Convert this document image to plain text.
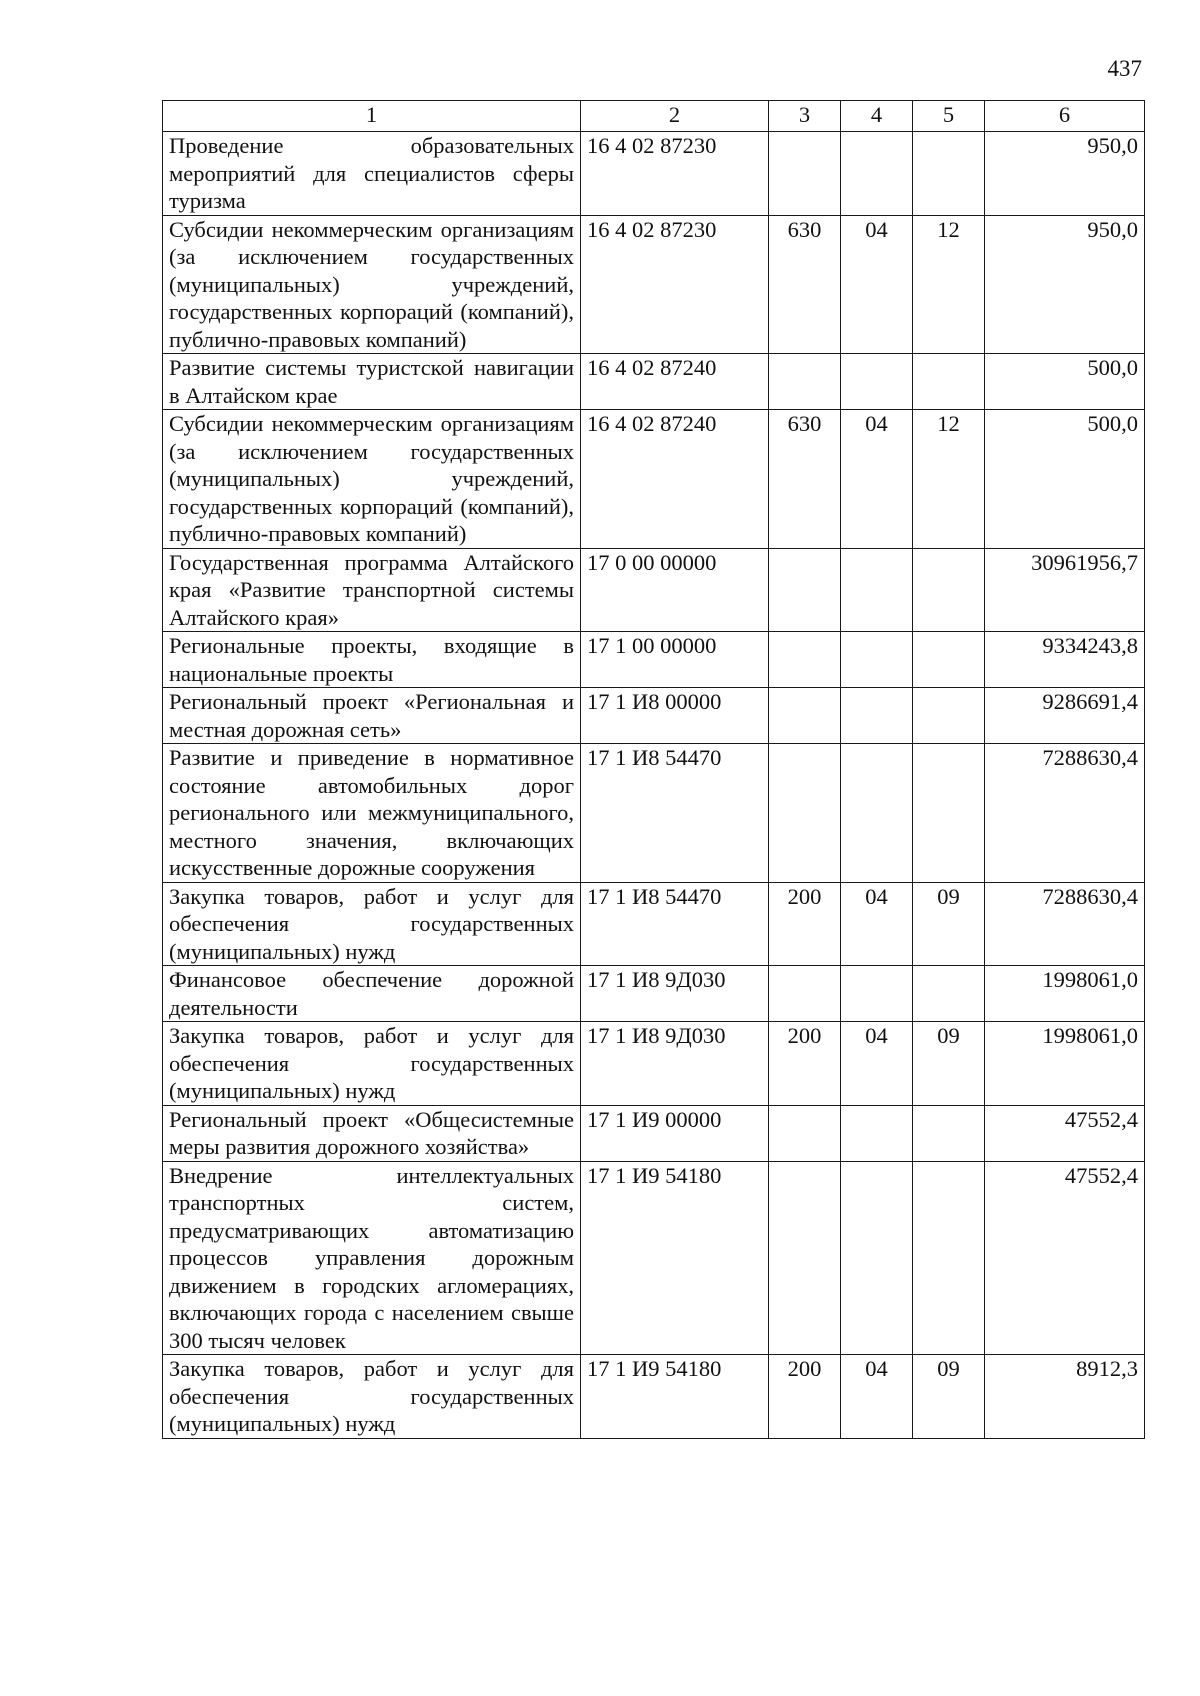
437
1	2	3	4	5	6
Проведение образовательных мероприятий для специалистов сферы туризма	16 4 02 87230				950,0
Субсидии некоммерческим организациям (за исключением государственных (муниципальных) учреждений, государственных корпораций (компаний), публично-правовых компаний)	16 4 02 87230	630	04	12	950,0
Развитие системы туристской навигации в Алтайском крае	16 4 02 87240				500,0
Субсидии некоммерческим организациям (за исключением государственных (муниципальных) учреждений, государственных корпораций (компаний), публично-правовых компаний)	16 4 02 87240	630	04	12	500,0
Государственная программа Алтайского края «Развитие транспортной системы Алтайского края»	17 0 00 00000				30961956,7
Региональные проекты, входящие в национальные проекты	17 1 00 00000				9334243,8
Региональный проект «Региональная и местная дорожная сеть»	17 1 И8 00000				9286691,4
Развитие и приведение в нормативное состояние автомобильных дорог регионального или межмуниципального, местного значения, включающих искусственные дорожные сооружения	17 1 И8 54470				7288630,4
Закупка товаров, работ и услуг для обеспечения государственных (муниципальных) нужд	17 1 И8 54470	200	04	09	7288630,4
Финансовое обеспечение дорожной деятельности	17 1 И8 9Д030				1998061,0
Закупка товаров, работ и услуг для обеспечения государственных (муниципальных) нужд	17 1 И8 9Д030	200	04	09	1998061,0
Региональный проект «Общесистемные меры развития дорожного хозяйства»	17 1 И9 00000				47552,4
Внедрение интеллектуальных транспортных систем, предусматривающих автоматизацию процессов управления дорожным движением в городских агломерациях, включающих города с населением свыше 300 тысяч человек	17 1 И9 54180				47552,4
Закупка товаров, работ и услуг для обеспечения государственных (муниципальных) нужд	17 1 И9 54180	200	04	09	8912,3
